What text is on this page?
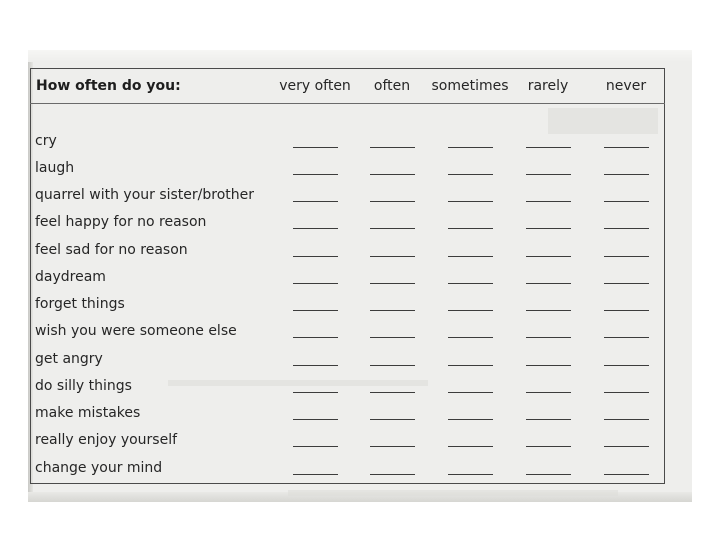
How often do you:	very often often sometimes rarely	never
cry
laugh
quarrel with your sister/brother
feel happy for no reason
feel sad for no reason
daydream
forget things
wish you were someone else
get angry
do silly things
make mistakes
really enjoy yourself
change your mind
